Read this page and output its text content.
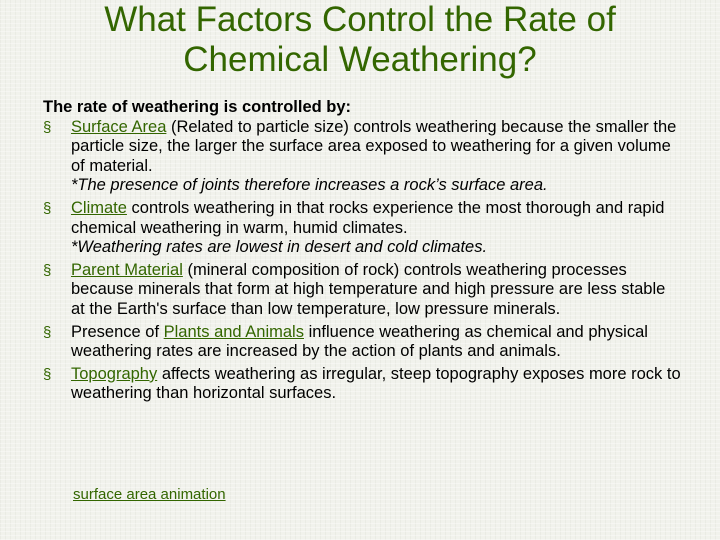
What Factors Control the Rate of
Chemical Weathering?

The rate of weathering is controlled by:

§	Surface Area (Related to particle size) controls weathering because the smaller the particle size, the larger the surface area exposed to weathering for a given volume of material.
*The presence of joints therefore increases a rock’s surface area.
§	Climate controls weathering in that rocks experience the most thorough and rapid chemical weathering in warm, humid climates.
*Weathering rates are lowest in desert and cold climates.
§	Parent Material (mineral composition of rock) controls weathering processes because minerals that form at high temperature and high pressure are less stable at the Earth's surface than low temperature, low pressure minerals.
§	Presence of Plants and Animals influence weathering as chemical and physical weathering rates are increased by the action of plants and animals.
§	Topography affects weathering as irregular, steep topography exposes more rock to weathering than horizontal surfaces.
surface area animation
